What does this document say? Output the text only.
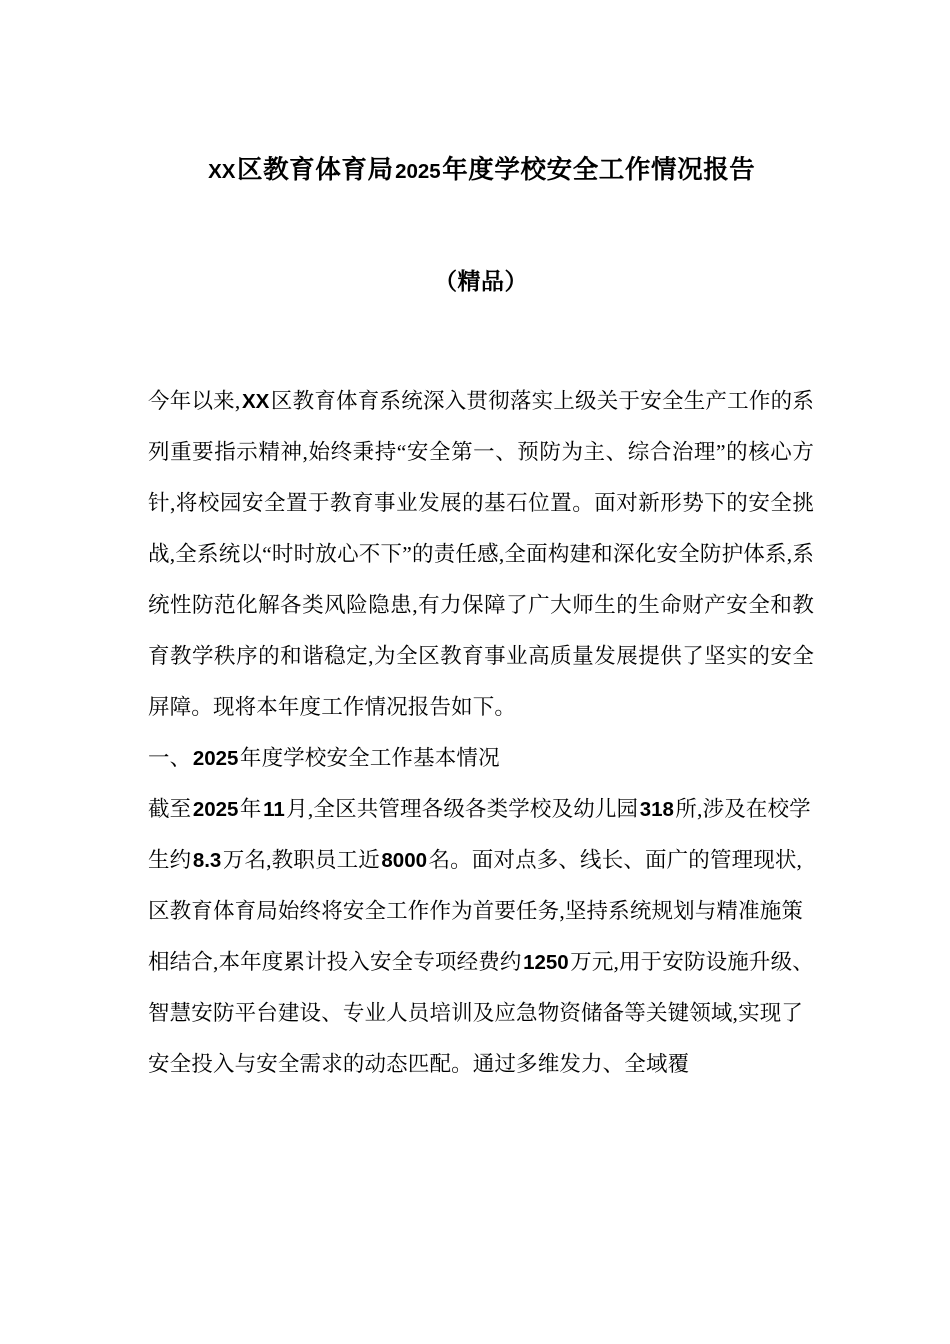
XX区教育体育局2025年度学校安全工作情况报告
（精品）

今年以来,XX区教育体育系统深入贯彻落实上级关于安全生产工作的系列重要指示精神,始终秉持“安全第一、预防为主、综合治理”的核心方针,将校园安全置于教育事业发展的基石位置。面对新形势下的安全挑战,全系统以“时时放心不下”的责任感,全面构建和深化安全防护体系,系统性防范化解各类风险隐患,有力保障了广大师生的生命财产安全和教育教学秩序的和谐稳定,为全区教育事业高质量发展提供了坚实的安全屏障。现将本年度工作情况报告如下。

一、2025年度学校安全工作基本情况

截至2025年11月,全区共管理各级各类学校及幼儿园318所,涉及在校学生约8.3万名,教职员工近8000名。面对点多、线长、面广的管理现状,区教育体育局始终将安全工作作为首要任务,坚持系统规划与精准施策相结合,本年度累计投入安全专项经费约1250万元,用于安防设施升级、智慧安防平台建设、专业人员培训及应急物资储备等关键领域,实现了安全投入与安全需求的动态匹配。通过多维发力、全域覆
